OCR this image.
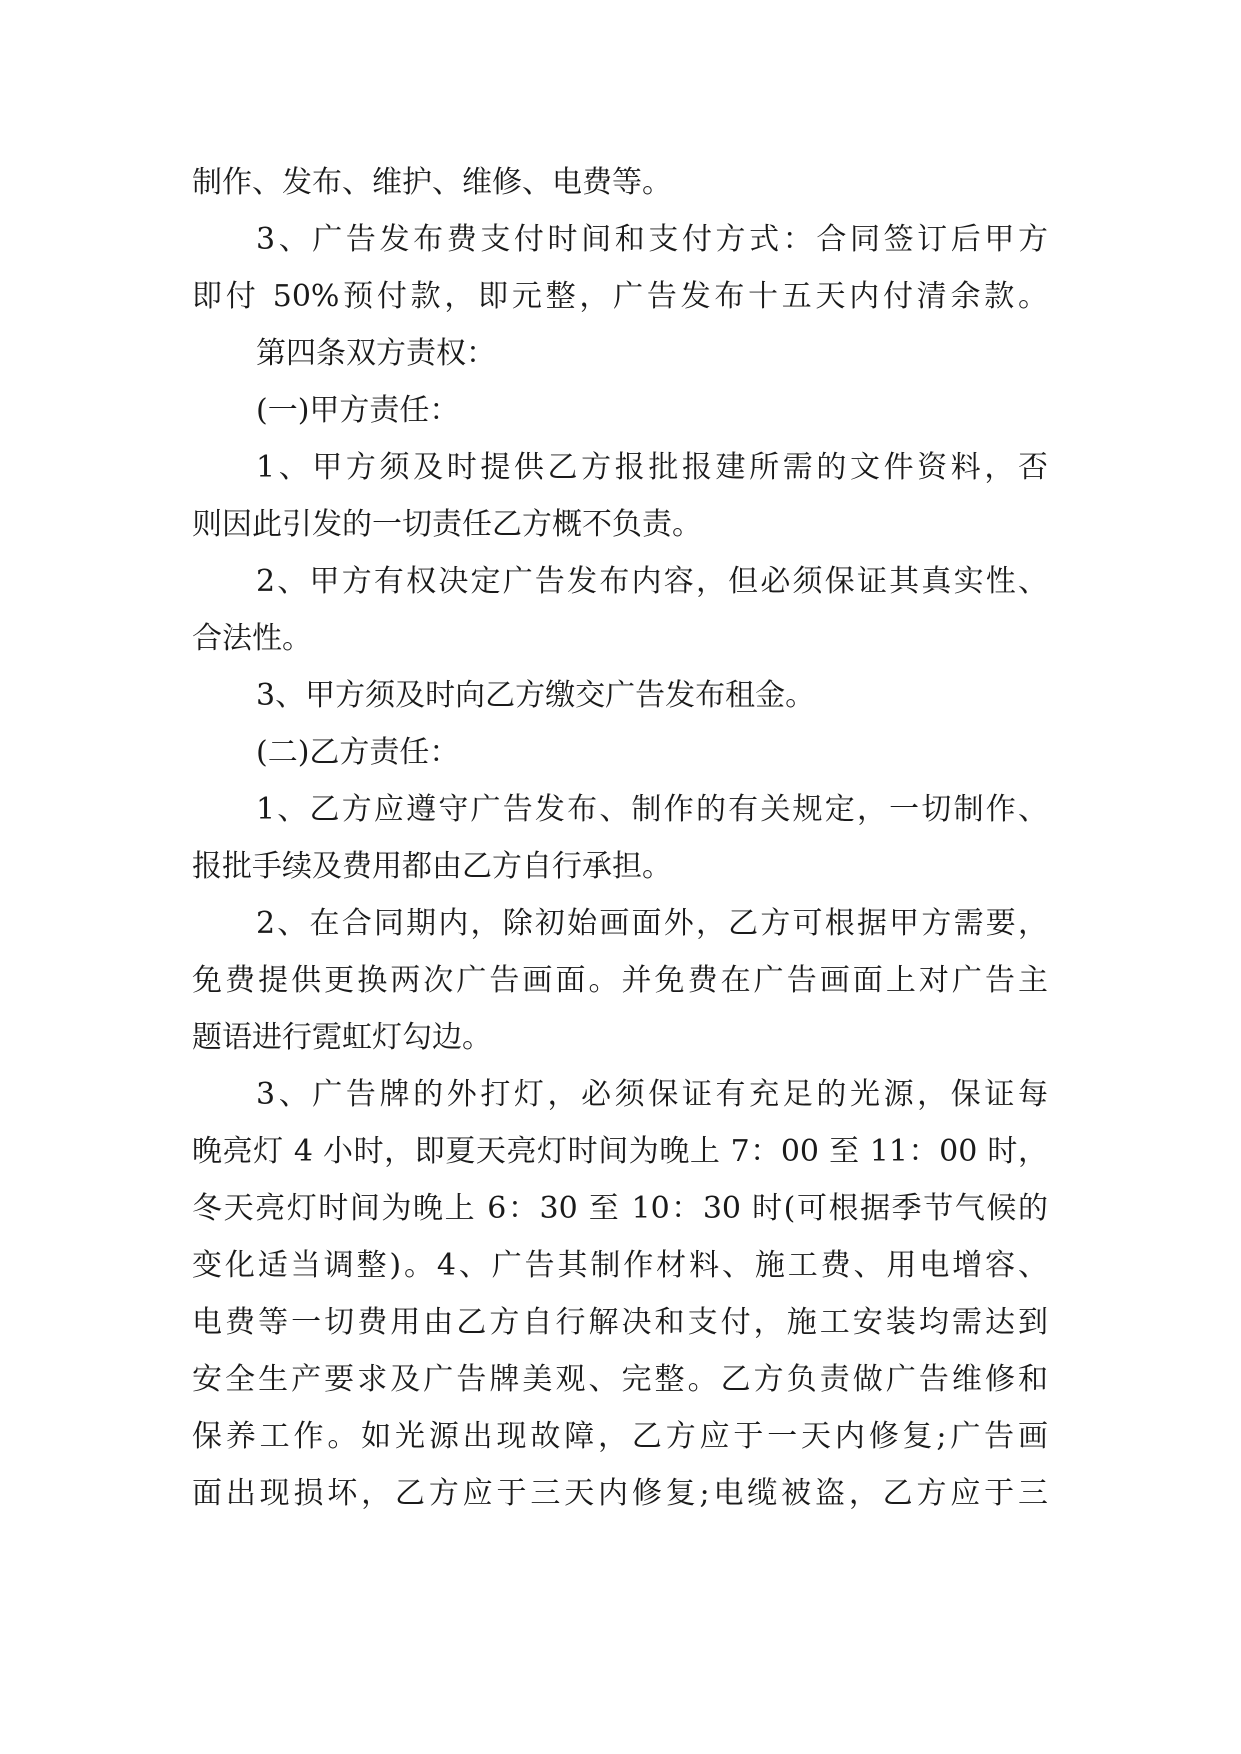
制作、发布、维护、维修、电费等。
3、广告发布费支付时间和支付方式：合同签订后甲方
即付 50%预付款，即元整，广告发布十五天内付清余款。
第四条双方责权：
(一)甲方责任：
1、甲方须及时提供乙方报批报建所需的文件资料，否
则因此引发的一切责任乙方概不负责。
2、甲方有权决定广告发布内容，但必须保证其真实性、
合法性。
3、甲方须及时向乙方缴交广告发布租金。
(二)乙方责任：
1、乙方应遵守广告发布、制作的有关规定，一切制作、
报批手续及费用都由乙方自行承担。
2、在合同期内，除初始画面外，乙方可根据甲方需要，
免费提供更换两次广告画面。并免费在广告画面上对广告主
题语进行霓虹灯勾边。
3、广告牌的外打灯，必须保证有充足的光源，保证每
晚亮灯 4 小时，即夏天亮灯时间为晚上 7：00 至 11：00 时，
冬天亮灯时间为晚上 6：30 至 10：30 时(可根据季节气候的
变化适当调整)。4、广告其制作材料、施工费、用电增容、
电费等一切费用由乙方自行解决和支付，施工安装均需达到
安全生产要求及广告牌美观、完整。乙方负责做广告维修和
保养工作。如光源出现故障，乙方应于一天内修复;广告画
面出现损坏，乙方应于三天内修复;电缆被盗，乙方应于三
